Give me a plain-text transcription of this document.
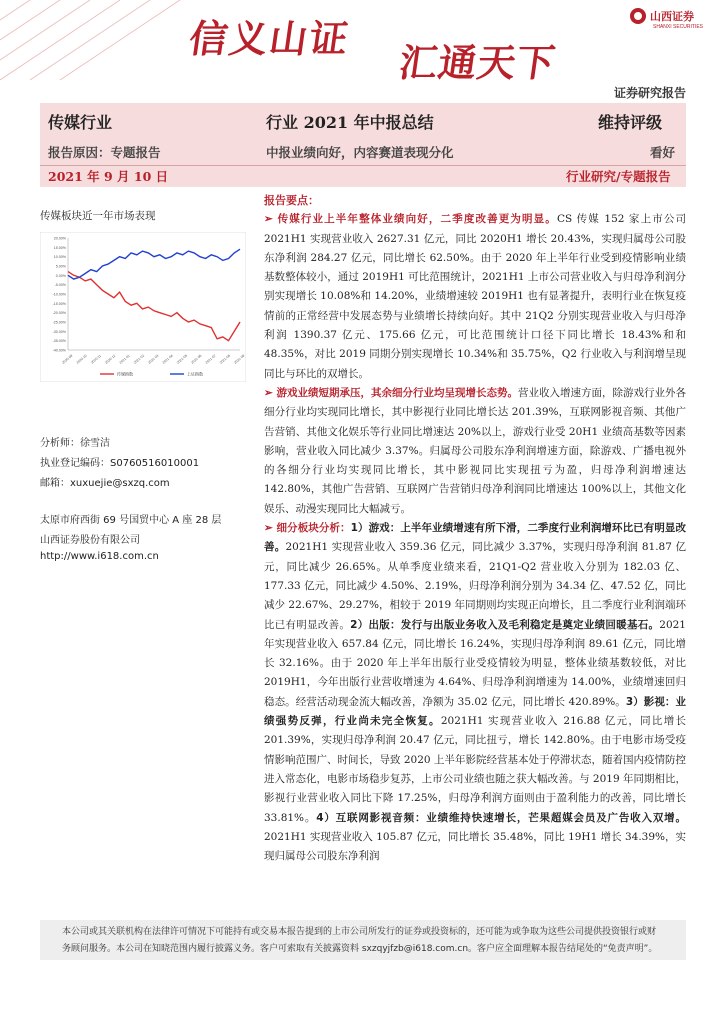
信义山证
汇通天下
山西证券
SHANXI SECURITIES
证券研究报告
传媒行业	行业 2021 年中报总结	维持评级
报告原因：专题报告	中报业绩向好，内容赛道表现分化	看好
2021 年 9 月 10 日	行业研究/专题报告
传媒板块近一年市场表现
20.00%
15.00%
10.00%
5.00%
0.00%
-5.00%
-10.00%
-15.00%
-20.00%
-25.00%
-30.00%
-35.00%
-40.00%
2020-09 2020-10 2020-11 2020-12 2021-01 2021-02 2021-03 2021-04 2021-05 2021-06 2021-07 2021-08 2021-09
传媒指数	上证指数
分析师：徐雪洁
执业登记编码：S0760516010001
邮箱：xuxuejie@sxzq.com
太原市府西街 69 号国贸中心 A 座 28 层
山西证券股份有限公司
http://www.i618.com.cn
报告要点：

➢ 传媒行业上半年整体业绩向好，二季度改善更为明显。CS 传媒 152 家上市公司 2021H1 实现营业收入 2627.31 亿元，同比 2020H1 增长 20.43%，实现归属母公司股东净利润 284.27 亿元，同比增长 62.50%。由于 2020 年上半年行业受到疫情影响业绩基数整体较小，通过 2019H1 可比范围统计，2021H1 上市公司营业收入与归母净利润分别实现增长 10.08%和 14.20%，业绩增速较 2019H1 也有显著提升，表明行业在恢复疫情前的正常经营中发展态势与业绩增长持续向好。其中 21Q2 分别实现营业收入与归母净利润 1390.37 亿元、175.66 亿元，可比范围统计口径下同比增长 18.43%和和 48.35%，对比 2019 同期分别实现增长 10.34%和 35.75%，Q2 行业收入与利润增呈现同比与环比的双增长。

➢ 游戏业绩短期承压，其余细分行业均呈现增长态势。营业收入增速方面，除游戏行业外各细分行业均实现同比增长，其中影视行业同比增长达 201.39%，互联网影视音频、其他广告营销、其他文化娱乐等行业同比增速达 20%以上，游戏行业受 20H1 业绩高基数等因素影响，营业收入同比减少 3.37%。归属母公司股东净利润增速方面，除游戏、广播电视外的各细分行业均实现同比增长，其中影视同比实现扭亏为盈，归母净利润增速达 142.80%，其他广告营销、互联网广告营销归母净利润同比增速达 100%以上，其他文化娱乐、动漫实现同比大幅减亏。

➢ 细分板块分析：1）游戏：上半年业绩增速有所下滑，二季度行业利润增环比已有明显改善。2021H1 实现营业收入 359.36 亿元，同比减少 3.37%，实现归母净利润 81.87 亿元，同比减少 26.65%。从单季度业绩来看，21Q1-Q2 营业收入分别为 182.03 亿、177.33 亿元，同比减少 4.50%、2.19%，归母净利润分别为 34.34 亿、47.52 亿，同比减少 22.67%、29.27%，相较于 2019 年同期则均实现正向增长，且二季度行业利润端环比已有明显改善。2）出版：发行与出版业务收入及毛利稳定是奠定业绩回暖基石。2021 年实现营业收入 657.84 亿元，同比增长 16.24%，实现归母净利润 89.61 亿元，同比增长 32.16%。由于 2020 年上半年出版行业受疫情较为明显，整体业绩基数较低，对比 2019H1，今年出版行业营收增速为 4.64%、归母净利润增速为 14.00%，业绩增速回归稳态。经营活动现金流大幅改善，净额为 35.02 亿元，同比增长 420.89%。3）影视：业绩强势反弹，行业尚未完全恢复。2021H1 实现营业收入 216.88 亿元，同比增长 201.39%，实现归母净利润 20.47 亿元，同比扭亏，增长 142.80%。由于电影市场受疫情影响范围广、时间长，导致 2020 上半年影院经营基本处于停滞状态，随着国内疫情防控进入常态化，电影市场稳步复苏，上市公司业绩也随之获大幅改善。与 2019 年同期相比，影视行业营业收入同比下降 17.25%，归母净利润方面则由于盈利能力的改善，同比增长 33.81%。4）互联网影视音频：业绩维持快速增长，芒果超媒会员及广告收入双增。2021H1 实现营业收入 105.87 亿元，同比增长 35.48%，同比 19H1 增长 34.39%，实现归属母公司股东净利润

本公司或其关联机构在法律许可情况下可能持有或交易本报告提到的上市公司所发行的证券或投资标的，还可能为或争取为这些公司提供投资银行或财务顾问服务。本公司在知晓范围内履行披露义务。客户可索取有关披露资料 sxzqyjfzb@i618.com.cn。客户应全面理解本报告结尾处的“免责声明”。
